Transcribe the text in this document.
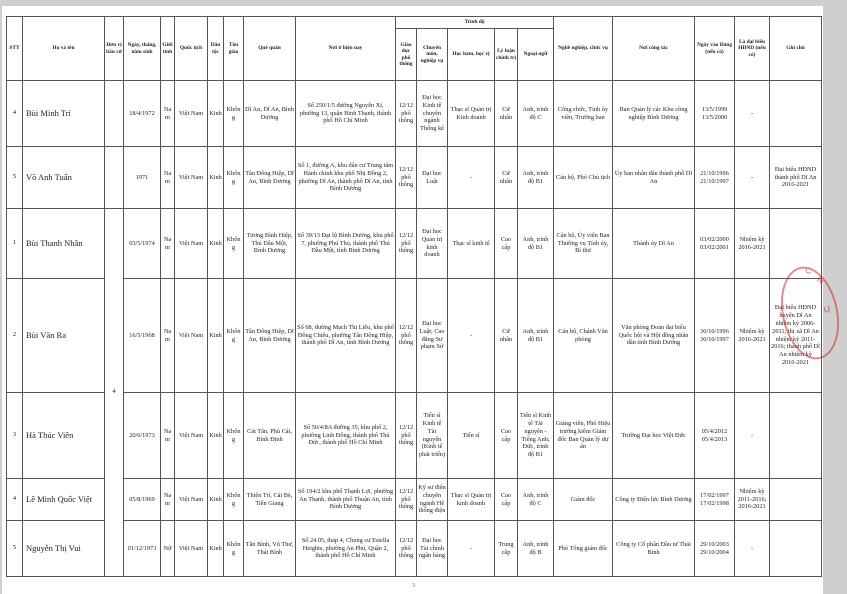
STT	Họ và tên	Đơn vị bầu cử	Ngày, tháng, năm sinh	Giới tính	Quốc tịch	Dân tộc	Tôn giáo	Quê quán	Nơi ở hiện nay	Trình độ					Nghề nghiệp, chức vụ	Nơi công tác	Ngày vào Đảng (nếu có)	Là đại biểu HĐND (nếu có)	Ghi chú
										Giáo dục phổ thông	Chuyên môn, nghiệp vụ	Học hàm, học vị	Lý luận chính trị	Ngoại ngữ					
4	Bùi Minh Trí		18/4/1972	Nam	Việt Nam	Kinh	Không	Dĩ An, Dĩ An, Bình Dương	Số 250/1/5 đường Nguyễn Xí, phường 13, quận Bình Thạnh, thành phố Hồ Chí Minh	12/12 phổ thông	Đại học Kinh tế chuyên ngành Thống kê	Thạc sĩ Quản trị Kinh doanh	Cử nhân	Anh, trình độ C	Công chức, Tỉnh ủy viên, Trưởng ban	Ban Quản lý các Khu công nghiệp Bình Dương	13/5/1999 13/5/2000	-	
5	Võ Anh Tuấn		1971	Nam	Việt Nam	Kinh	Không	Tân Đông Hiệp, Dĩ An, Bình Dương	Số 1, đường A, khu dân cư Trung tâm Hành chính khu phố Nhị Đồng 2, phường Dĩ An, thành phố Dĩ An, tỉnh Bình Dương	12/12 phổ thông	Đại học Luật	-	Cử nhân	Anh, trình độ B1	Cán bộ, Phó Chủ tịch	Ủy ban nhân dân thành phố Dĩ An	21/10/1996 21/10/1997	-	Đại biểu HĐND thành phố Dĩ An 2016-2021
1	Bùi Thanh Nhân	4	03/5/1974	Nam	Việt Nam	Kinh	Không	Tương Bình Hiệp, Thủ Dầu Một, Bình Dương	Số 39/13 Đại lộ Bình Dương, khu phố 7, phường Phú Thọ, thành phố Thủ Dầu Một, tỉnh Bình Dương	12/12 phổ thông	Đại học Quản trị kinh doanh	Thạc sĩ kinh tế	Cao cấp	Anh, trình độ B1	Cán bộ, Ủy viên Ban Thường vụ Tỉnh ủy, Bí thư	Thành ủy Dĩ An	03/02/2000 03/02/2001	Nhiệm kỳ 2016-2021	
2	Bùi Văn Ra		16/5/1968	Nam	Việt Nam	Kinh	Không	Tân Đông Hiệp, Dĩ An, Bình Dương	Số 68, đường Mạch Thị Liễu, khu phố Đông Chiêu, phường Tân Đông Hiệp, thành phố Dĩ An, tỉnh Bình Dương	12/12 phổ thông	Đại học Luật; Cao đẳng Sư phạm Sử	-	Cử nhân	Anh, trình độ B1	Cán bộ, Chánh Văn phòng	Văn phòng Đoàn đại biểu Quốc hội và Hội đồng nhân dân tỉnh Bình Dương	30/10/1996 30/10/1997	Nhiệm kỳ 2016-2021	Đại biểu HĐND huyện Dĩ An nhiệm kỳ 2006-2011; thị xã Dĩ An nhiệm kỳ 2011-2016; thành phố Dĩ An nhiệm kỳ 2016-2021
3	Hà Thúc Viên		20/6/1973	Nam	Việt Nam	Kinh	Không	Cát Tân, Phù Cát, Bình Định	Số 50/4/8A đường 35, khu phố 2, phường Linh Đông, thành phố Thủ Đức, thành phố Hồ Chí Minh	12/12 phổ thông	Tiến sĩ Kinh tế Tài nguyên (Kinh tế phát triển)	Tiến sĩ	Cao cấp	Tiến sĩ Kinh tế Tài nguyên - Tiếng Anh; Đức, trình độ B1	Giảng viên, Phó Hiệu trưởng kiêm Giám đốc Ban Quản lý dự án	Trường Đại học Việt Đức	05/4/2012 05/4/2013	-	
4	Lê Minh Quốc Việt		05/8/1969	Nam	Việt Nam	Kinh	Không	Thiện Trí, Cái Bè, Tiền Giang	Số 194/2 khu phố Thạnh Lợi, phường An Thạnh, thành phố Thuận An, tỉnh Bình Dương	12/12 phổ thông	Kỹ sư điện chuyên ngành Hệ thống điện	Thạc sĩ Quản trị kinh doanh	Cao cấp	Anh, trình độ C	Giám đốc	Công ty Điện lực Bình Dương	17/02/1997 17/02/1998	Nhiệm kỳ 2011-2016; 2016-2021	
5	Nguyễn Thị Vui		01/12/1973	Nữ	Việt Nam	Kinh	Không	Tân Bình, Vũ Thư, Thái Bình	Số 24.05, tháp 4, Chung cư Estella Heights, phường An Phú, Quận 2, thành phố Hồ Chí Minh	12/12 phổ thông	Đại học Tài chính ngân hàng	-	Trung cấp	Anh, trình độ B	Phó Tổng giám đốc	Công ty Cổ phần Đầu tư Thái Bình	29/10/2003 29/10/2004	-	
C
N
U
3
